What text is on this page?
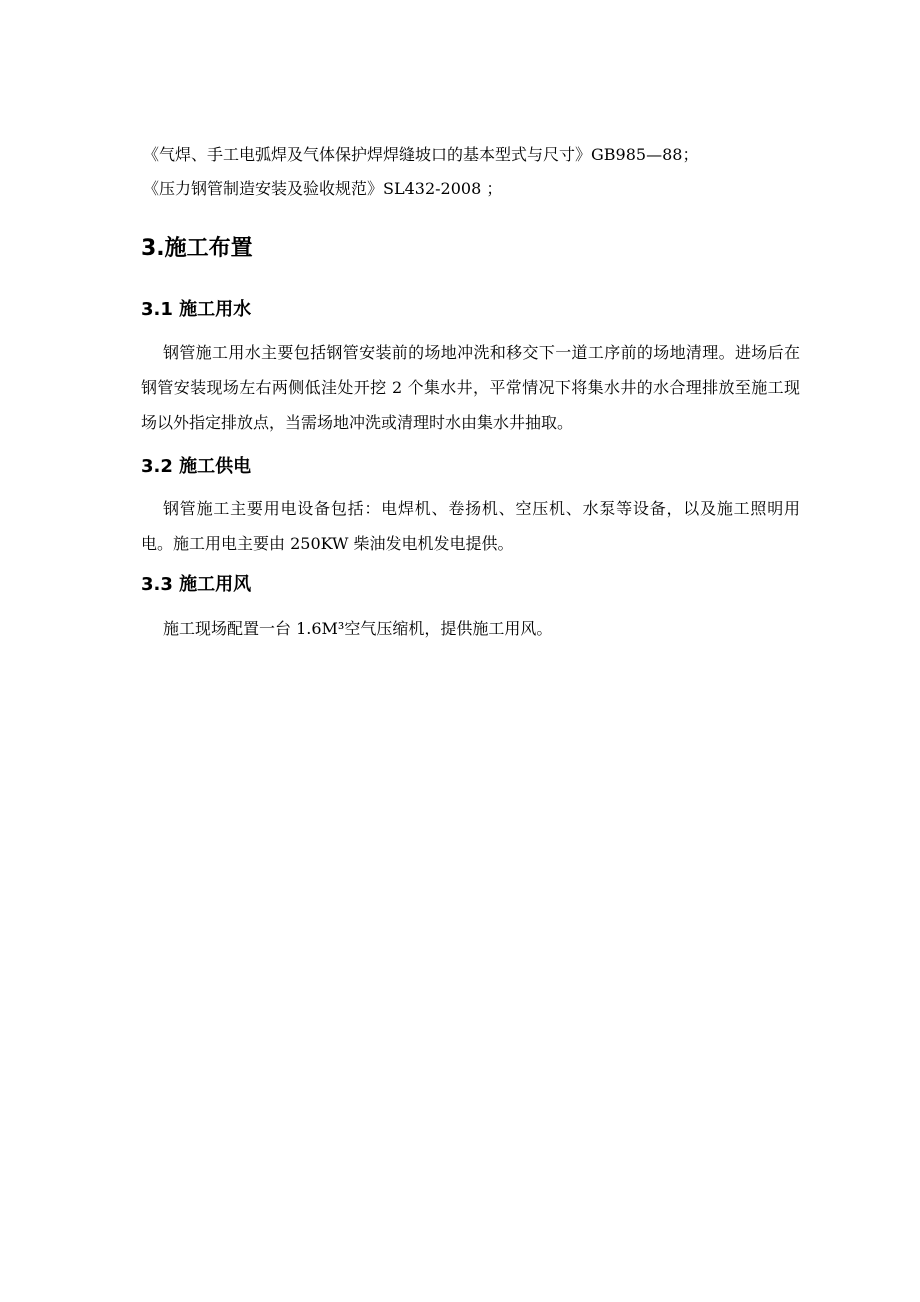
《气焊、手工电弧焊及气体保护焊焊缝坡口的基本型式与尺寸》GB985—88；
《压力钢管制造安装及验收规范》SL432-2008 ；
3.施工布置
3.1 施工用水
钢管施工用水主要包括钢管安装前的场地冲洗和移交下一道工序前的场地清理。进场后在钢管安装现场左右两侧低洼处开挖 2 个集水井，平常情况下将集水井的水合理排放至施工现场以外指定排放点，当需场地冲洗或清理时水由集水井抽取。
3.2 施工供电
钢管施工主要用电设备包括：电焊机、卷扬机、空压机、水泵等设备，以及施工照明用电。施工用电主要由 250KW 柴油发电机发电提供。
3.3 施工用风
施工现场配置一台 1.6M³空气压缩机，提供施工用风。
